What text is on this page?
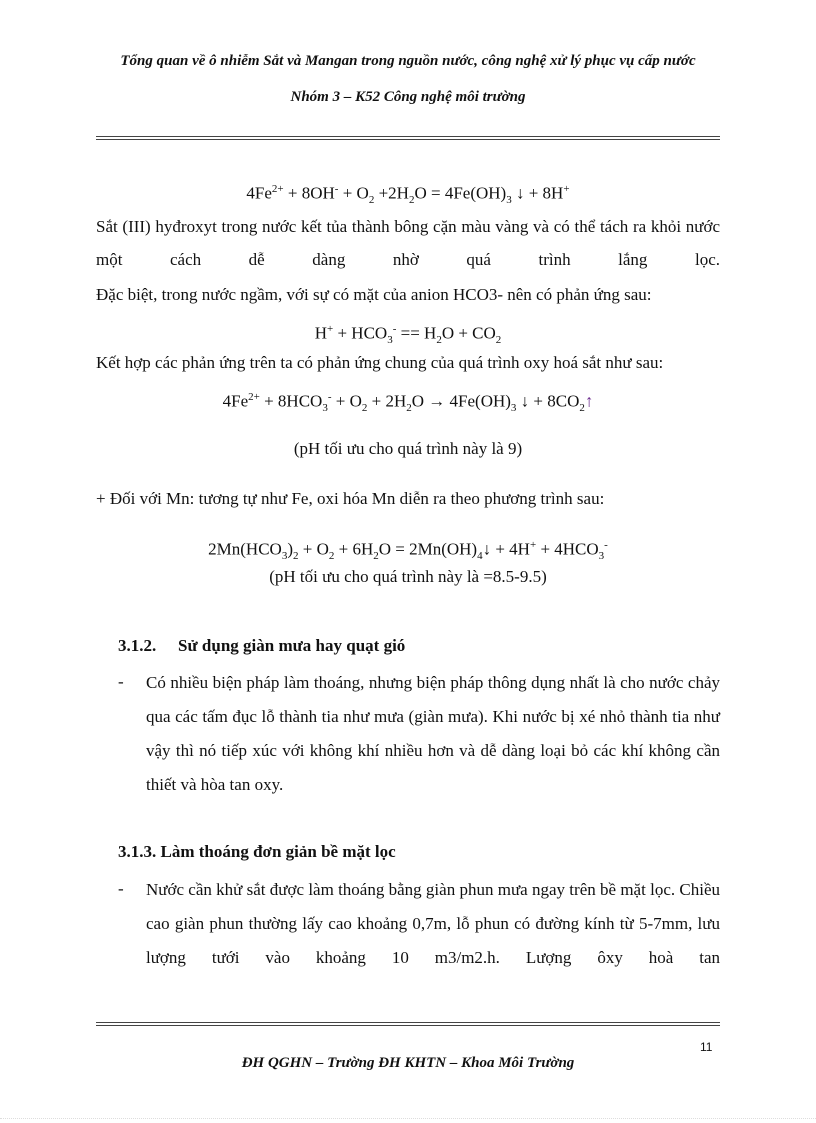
Tổng quan về ô nhiễm Sắt và Mangan trong nguồn nước, công nghệ xử lý phục vụ cấp nước
Nhóm 3 – K52 Công nghệ môi trường
$4Fe^{2+} + 8OH^- + O_2 +2H_2O = 4Fe(OH)_3$ ↓ + 8H+
Sắt (III) hyđroxyt trong nước kết tủa thành bông cặn màu vàng và có thể tách ra khỏi nước một cách dễ dàng nhờ quá trình lắng lọc.
Đặc biệt, trong nước ngầm, với sự có mặt của anion HCO3- nên có phản ứng sau:
$H^+ + HCO_3^- == H_2O + CO_2$
Kết hợp các phản ứng trên ta có phản ứng chung của quá trình oxy hoá sắt như sau:
$4Fe^{2+} + 8HCO_3^- + O_2 + 2H_2O \to 4Fe(OH)_3$ ↓ + $8CO_2↑$
(pH tối ưu cho quá trình này là 9)
+ Đối với Mn: tương tự như Fe, oxi hóa Mn diễn ra theo phương trình sau:
$2Mn(HCO_3)_2 + O_2 + 6H_2O$ = $2Mn(OH)_4↓ + 4H^+ + 4HCO_3^-$
(pH tối ưu cho quá trình này là =8.5-9.5)
3.1.2. Sử dụng giàn mưa hay quạt gió
- Có nhiều biện pháp làm thoáng, nhưng biện pháp thông dụng nhất là cho nước chảy qua các tấm đục lỗ thành tia như mưa (giàn mưa). Khi nước bị xé nhỏ thành tia như vậy thì nó tiếp xúc với không khí nhiều hơn và dễ dàng loại bỏ các khí không cần thiết và hòa tan oxy.
3.1.3. Làm thoáng đơn giản bề mặt lọc
- Nước cần khử sắt được làm thoáng bằng giàn phun mưa ngay trên bề mặt lọc. Chiều cao giàn phun thường lấy cao khoảng 0,7m, lỗ phun có đường kính từ 5-7mm, lưu lượng tưới vào khoảng 10 m3/m2.h. Lượng ôxy hoà tan
11
ĐH QGHN – Trường ĐH KHTN – Khoa Môi Trường
